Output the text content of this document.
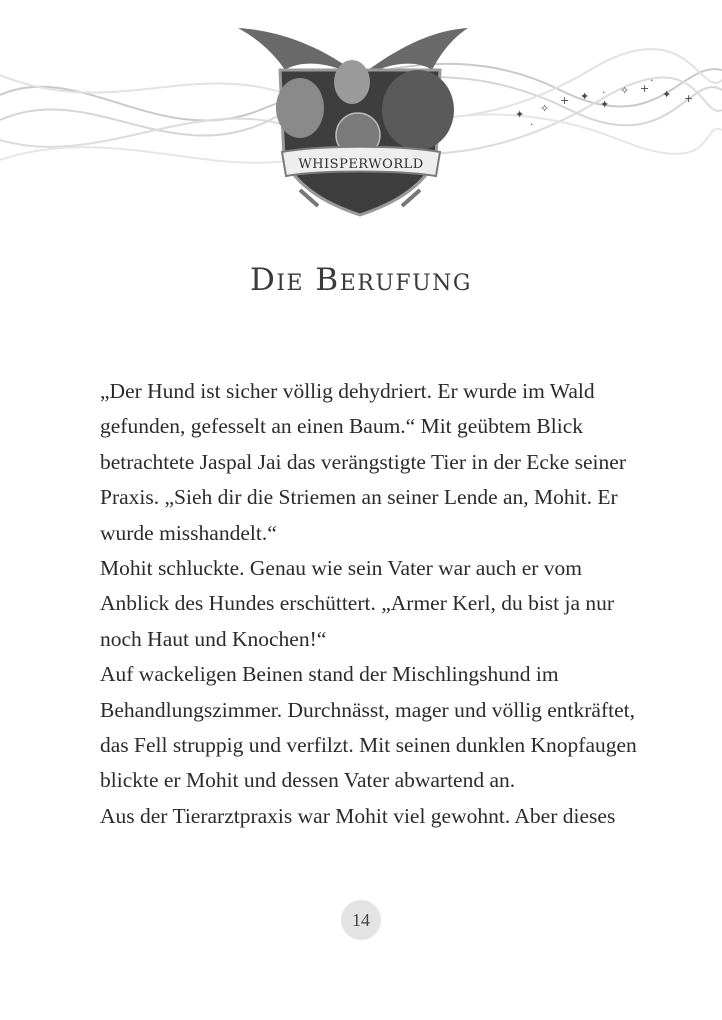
✦ ✧
+ ✦ · ✧ + ✦ +
·
✦
·
WHISPERWORLD
Die Berufung

„Der Hund ist sicher völlig dehydriert. Er wurde im Wald gefunden, gefesselt an einen Baum.“ Mit geübtem Blick betrachtete Jaspal Jai das verängstigte Tier in der Ecke seiner Praxis. „Sieh dir die Striemen an seiner Lende an, Mohit. Er wurde misshandelt.“

Mohit schluckte. Genau wie sein Vater war auch er vom Anblick des Hundes erschüttert. „Armer Kerl, du bist ja nur noch Haut und Knochen!“

Auf wackeligen Beinen stand der Mischlingshund im Behandlungszimmer. Durchnässt, mager und völlig entkräftet, das Fell struppig und verfilzt. Mit seinen dunklen Knopfaugen blickte er Mohit und dessen Vater abwartend an.

Aus der Tierarztpraxis war Mohit viel gewohnt. Aber dieses

14
